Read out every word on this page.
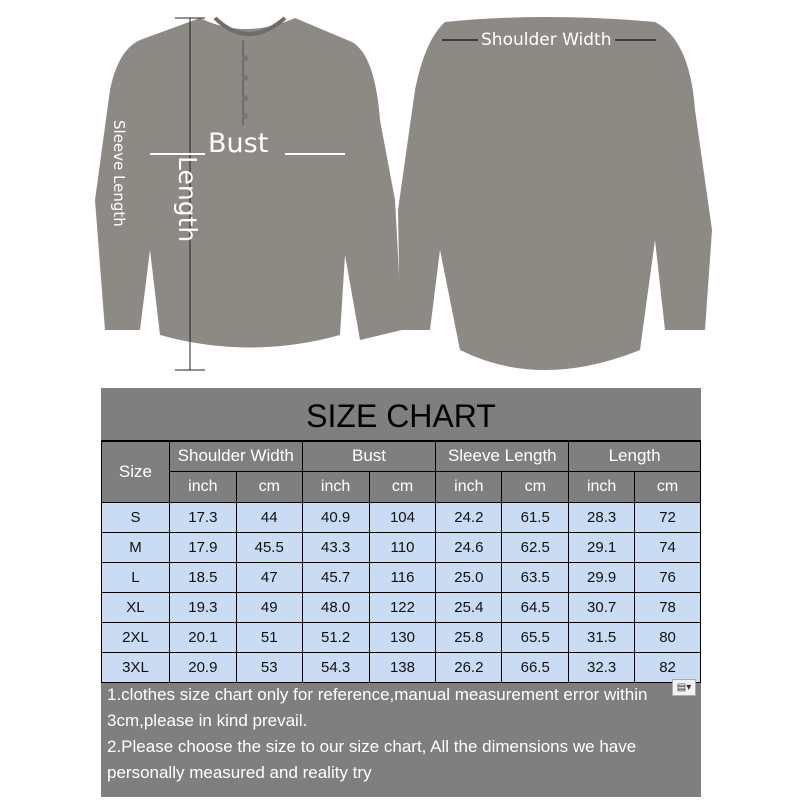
Bust
Length
Sleeve Length
Shoulder Width
SIZE CHART
Size	Shoulder Width		Bust		Sleeve Length		Length	
	inch	cm	inch	cm	inch	cm	inch	cm
S	17.3	44	40.9	104	24.2	61.5	28.3	72
M	17.9	45.5	43.3	110	24.6	62.5	29.1	74
L	18.5	47	45.7	116	25.0	63.5	29.9	76
XL	19.3	49	48.0	122	25.4	64.5	30.7	78
2XL	20.1	51	51.2	130	25.8	65.5	31.5	80
3XL	20.9	53	54.3	138	26.2	66.5	32.3	82
1.clothes size chart only for reference,manual measurement error within 3cm,please in kind prevail.
2.Please choose the size to our size chart, All the dimensions we have personally measured and reality try
▤▾
